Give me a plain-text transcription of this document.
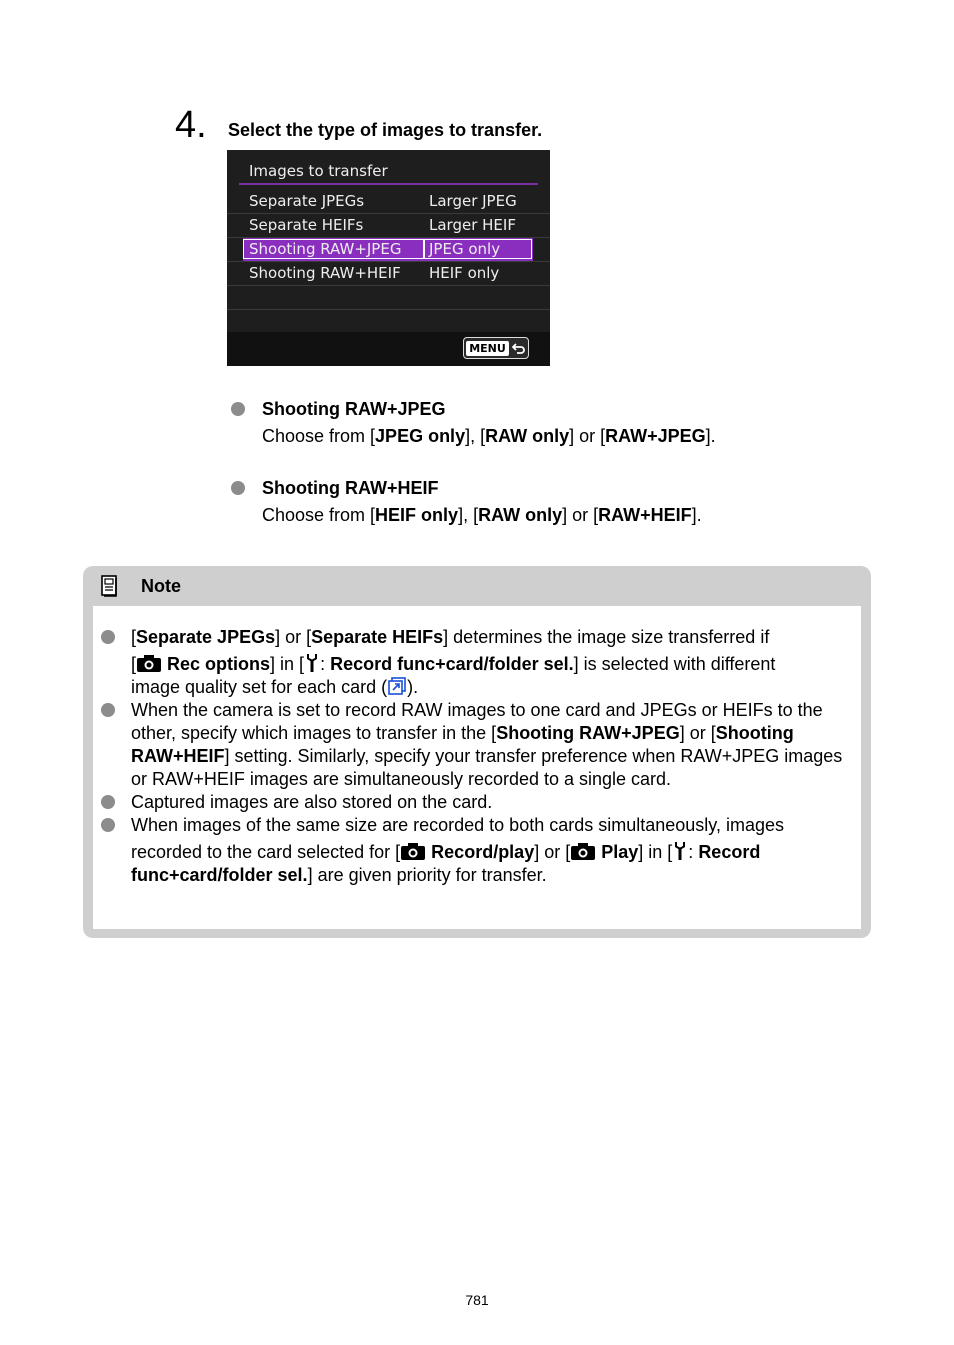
4. Select the type of images to transfer.
Images to transfer
Separate JPEGs	Larger JPEG
Separate HEIFs	Larger HEIF
Shooting RAW+JPEG JPEG only
Shooting RAW+HEIF HEIF only
MENU
Shooting RAW+JPEG
Choose from [JPEG only], [RAW only] or [RAW+JPEG].
Shooting RAW+HEIF
Choose from [HEIF only], [RAW only] or [RAW+HEIF].
Note
[Separate JPEGs] or [Separate HEIFs] determines the image size transferred if

[ Rec options] in [ : Record func+card/folder sel.] is selected with different
image quality set for each card ( ).
When the camera is set to record RAW images to one card and JPEGs or HEIFs to the other, specify which images to transfer in the [Shooting RAW+JPEG] or [Shooting RAW+HEIF] setting. Similarly, specify your transfer preference when RAW+JPEG images or RAW+HEIF images are simultaneously recorded to a single card.
Captured images are also stored on the card.
When images of the same size are recorded to both cards simultaneously, images

recorded to the card selected for [ Record/play] or [ Play] in [ : Record func+card/folder sel.] are given priority for transfer.
781
